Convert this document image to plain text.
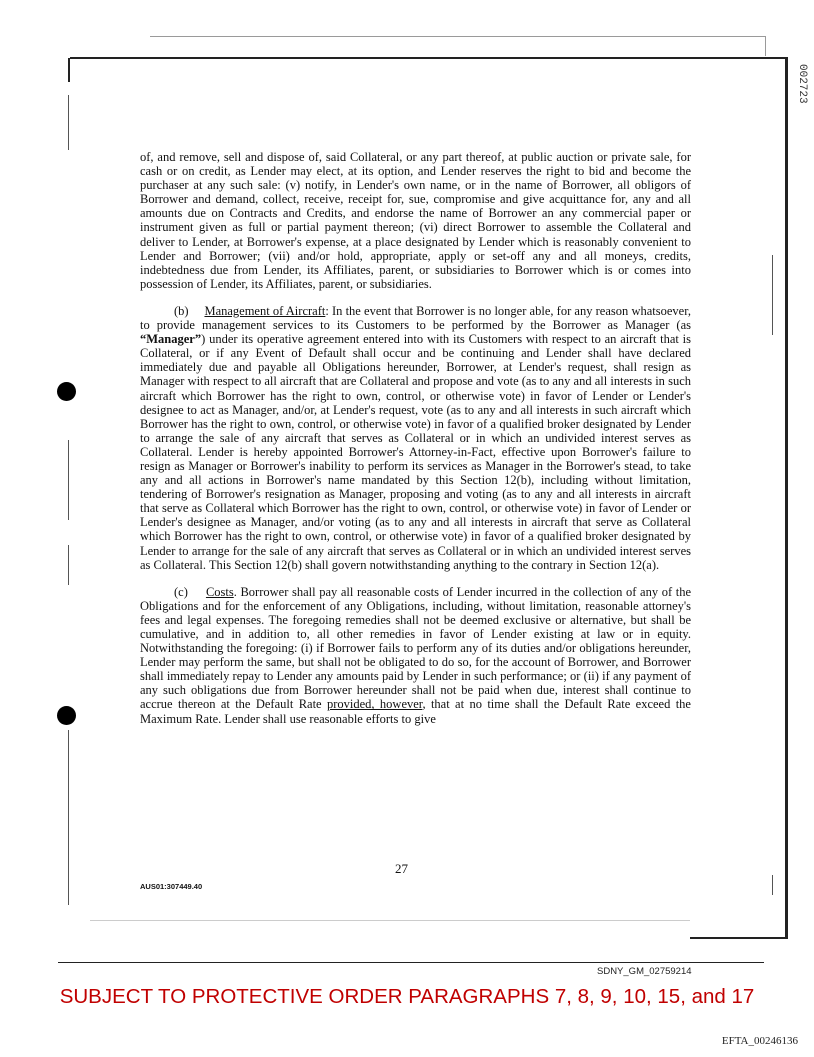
002723

of, and remove, sell and dispose of, said Collateral, or any part thereof, at public auction or private sale, for cash or on credit, as Lender may elect, at its option, and Lender reserves the right to bid and become the purchaser at any such sale: (v) notify, in Lender's own name, or in the name of Borrower, all obligors of Borrower and demand, collect, receive, receipt for, sue, compromise and give acquittance for, any and all amounts due on Contracts and Credits, and endorse the name of Borrower an any commercial paper or instrument given as full or partial payment thereon; (vi) direct Borrower to assemble the Collateral and deliver to Lender, at Borrower's expense, at a place designated by Lender which is reasonably convenient to Lender and Borrower; (vii) and/or hold, appropriate, apply or set-off any and all moneys, credits, indebtedness due from Lender, its Affiliates, parent, or subsidiaries to Borrower which is or comes into possession of Lender, its Affiliates, parent, or subsidiaries.

(b) Management of Aircraft: In the event that Borrower is no longer able, for any reason whatsoever, to provide management services to its Customers to be performed by the Borrower as Manager (as “Manager”) under its operative agreement entered into with its Customers with respect to an aircraft that is Collateral, or if any Event of Default shall occur and be continuing and Lender shall have declared immediately due and payable all Obligations hereunder, Borrower, at Lender's request, shall resign as Manager with respect to all aircraft that are Collateral and propose and vote (as to any and all interests in such aircraft which Borrower has the right to own, control, or otherwise vote) in favor of Lender or Lender's designee to act as Manager, and/or, at Lender's request, vote (as to any and all interests in such aircraft which Borrower has the right to own, control, or otherwise vote) in favor of a qualified broker designated by Lender to arrange the sale of any aircraft that serves as Collateral or in which an undivided interest serves as Collateral. Lender is hereby appointed Borrower's Attorney-in-Fact, effective upon Borrower's failure to resign as Manager or Borrower's inability to perform its services as Manager in the Borrower's stead, to take any and all actions in Borrower's name mandated by this Section 12(b), including without limitation, tendering of Borrower's resignation as Manager, proposing and voting (as to any and all interests in aircraft that serve as Collateral which Borrower has the right to own, control, or otherwise vote) in favor of Lender or Lender's designee as Manager, and/or voting (as to any and all interests in aircraft that serve as Collateral which Borrower has the right to own, control, or otherwise vote) in favor of a qualified broker designated by Lender to arrange for the sale of any aircraft that serves as Collateral or in which an undivided interest serves as Collateral. This Section 12(b) shall govern notwithstanding anything to the contrary in Section 12(a).

(c) Costs. Borrower shall pay all reasonable costs of Lender incurred in the collection of any of the Obligations and for the enforcement of any Obligations, including, without limitation, reasonable attorney's fees and legal expenses. The foregoing remedies shall not be deemed exclusive or alternative, but shall be cumulative, and in addition to, all other remedies in favor of Lender existing at law or in equity. Notwithstanding the foregoing: (i) if Borrower fails to perform any of its duties and/or obligations hereunder, Lender may perform the same, but shall not be obligated to do so, for the account of Borrower, and Borrower shall immediately repay to Lender any amounts paid by Lender in such performance; or (ii) if any payment of any such obligations due from Borrower hereunder shall not be paid when due, interest shall continue to accrue thereon at the Default Rate provided, however, that at no time shall the Default Rate exceed the Maximum Rate. Lender shall use reasonable efforts to give

27
AUS01:307449.40
SDNY_GM_02759214
SUBJECT TO PROTECTIVE ORDER PARAGRAPHS 7, 8, 9, 10, 15, and 17
EFTA_00246136
